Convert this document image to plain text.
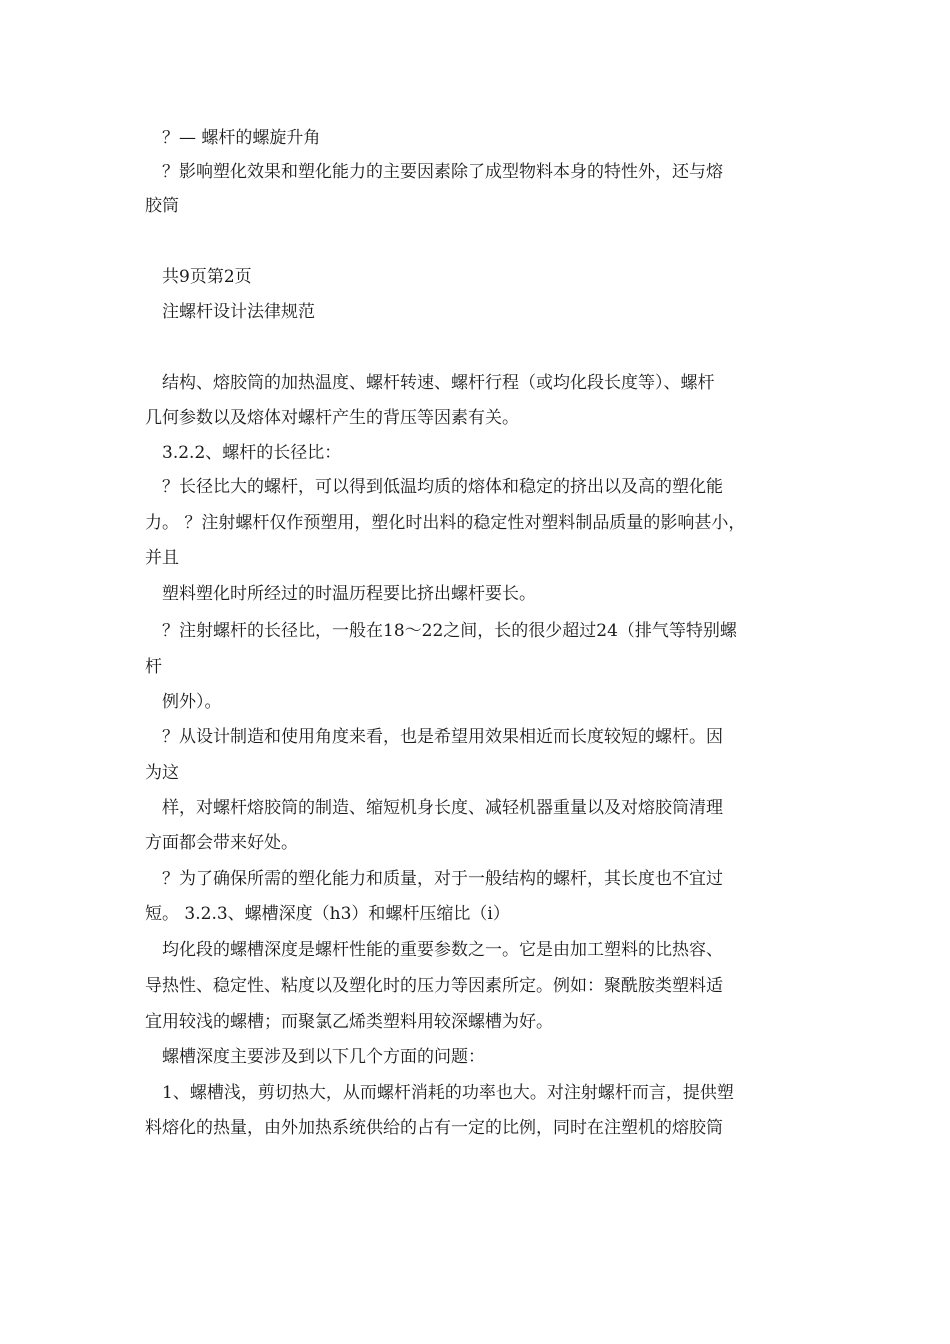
？— 螺杆的螺旋升角
？影响塑化效果和塑化能力的主要因素除了成型物料本身的特性外，还与熔
胶筒
共9页第2页
注螺杆设计法律规范
结构、熔胶筒的加热温度、螺杆转速、螺杆行程（或均化段长度等）、螺杆
几何参数以及熔体对螺杆产生的背压等因素有关。
3.2.2、螺杆的长径比：
？长径比大的螺杆，可以得到低温均质的熔体和稳定的挤出以及高的塑化能
力。 ？注射螺杆仅作预塑用，塑化时出料的稳定性对塑料制品质量的影响甚小，
并且
塑料塑化时所经过的时温历程要比挤出螺杆要长。
？注射螺杆的长径比，一般在18～22之间，长的很少超过24（排气等特别螺
杆
例外）。
？从设计制造和使用角度来看，也是希望用效果相近而长度较短的螺杆。因
为这
样，对螺杆熔胶筒的制造、缩短机身长度、减轻机器重量以及对熔胶筒清理
方面都会带来好处。
？为了确保所需的塑化能力和质量，对于一般结构的螺杆，其长度也不宜过
短。 3.2.3、螺槽深度（h3）和螺杆压缩比（i）
均化段的螺槽深度是螺杆性能的重要参数之一。它是由加工塑料的比热容、
导热性、稳定性、粘度以及塑化时的压力等因素所定。例如：聚酰胺类塑料适
宜用较浅的螺槽；而聚氯乙烯类塑料用较深螺槽为好。
螺槽深度主要涉及到以下几个方面的问题：
1、螺槽浅，剪切热大，从而螺杆消耗的功率也大。对注射螺杆而言，提供塑
料熔化的热量，由外加热系统供给的占有一定的比例，同时在注塑机的熔胶筒
